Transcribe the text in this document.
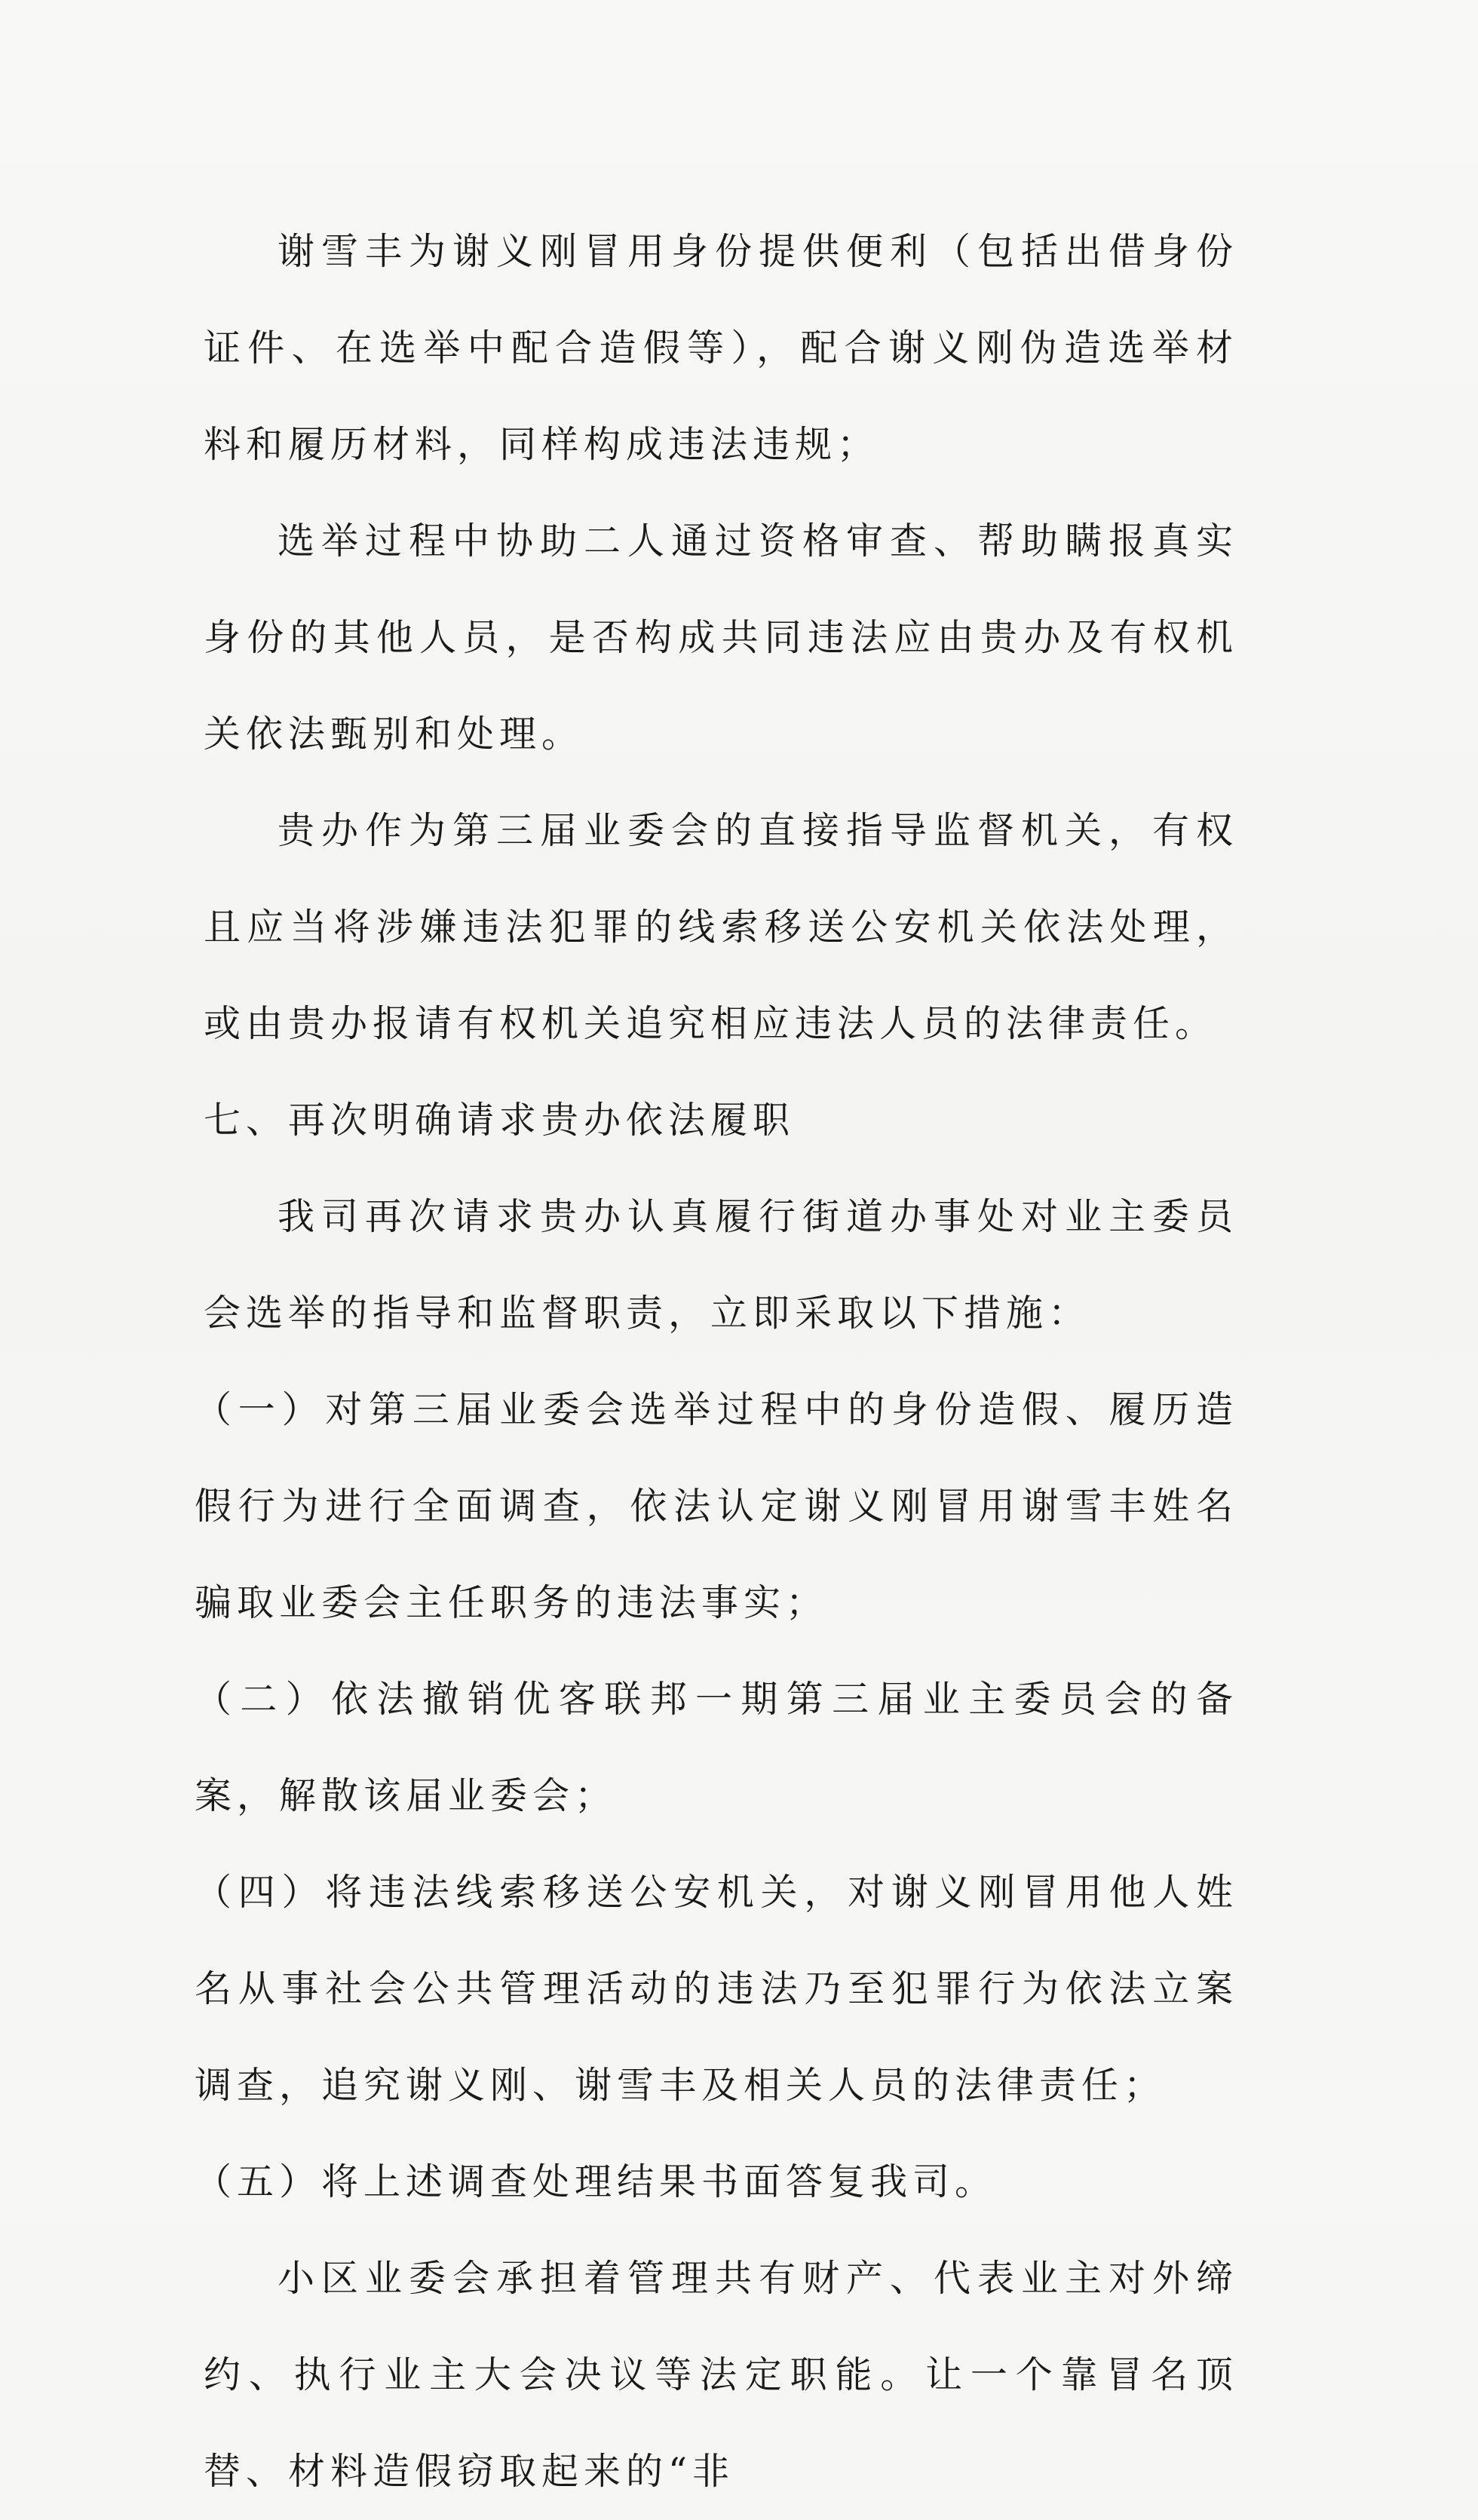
谢雪丰为谢义刚冒用身份提供便利（包括出借身份证件、在选举中配合造假等），配合谢义刚伪造选举材料和履历材料，同样构成违法违规；

选举过程中协助二人通过资格审查、帮助瞒报真实身份的其他人员，是否构成共同违法应由贵办及有权机关依法甄别和处理。

贵办作为第三届业委会的直接指导监督机关，有权且应当将涉嫌违法犯罪的线索移送公安机关依法处理，或由贵办报请有权机关追究相应违法人员的法律责任。

七、再次明确请求贵办依法履职

我司再次请求贵办认真履行街道办事处对业主委员会选举的指导和监督职责，立即采取以下措施：

（一）对第三届业委会选举过程中的身份造假、履历造假行为进行全面调查，依法认定谢义刚冒用谢雪丰姓名骗取业委会主任职务的违法事实；

（二）依法撤销优客联邦一期第三届业主委员会的备案，解散该届业委会；

（四）将违法线索移送公安机关，对谢义刚冒用他人姓名从事社会公共管理活动的违法乃至犯罪行为依法立案调查，追究谢义刚、谢雪丰及相关人员的法律责任；

（五）将上述调查处理结果书面答复我司。

小区业委会承担着管理共有财产、代表业主对外缔约、执行业主大会决议等法定职能。让一个靠冒名顶替、材料造假窃取起来的“非
